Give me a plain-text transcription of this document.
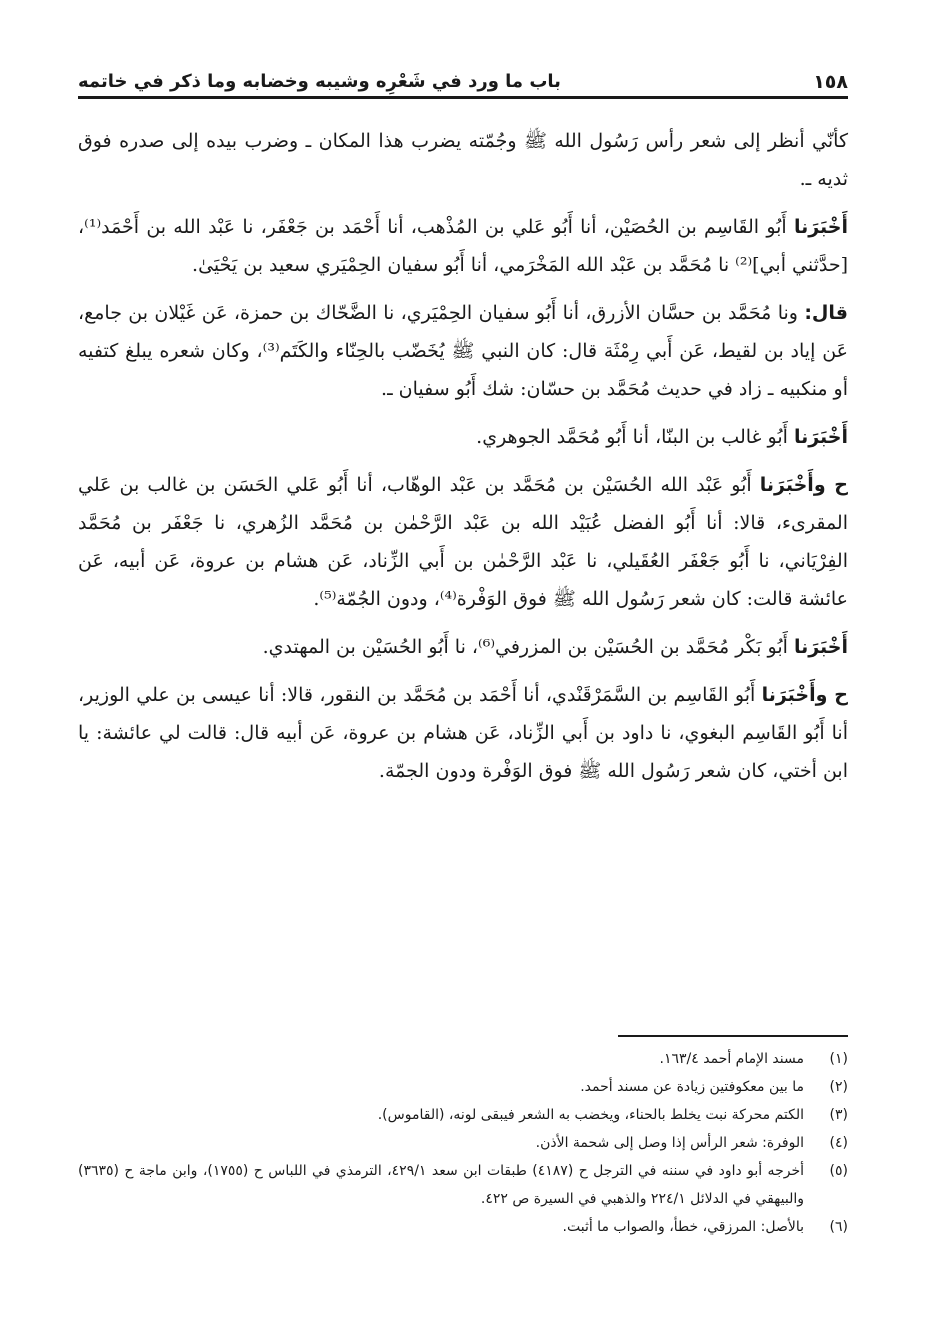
١٥٨
باب ما ورد في شَعْرِه وشيبه وخضابه وما ذكر في خاتمه

كأنّي أنظر إلى شعر رأس رَسُول الله ﷺ وجُمّته يضرب هذا المكان ـ وضرب بيده إلى صدره فوق ثديه ـ.

أَخْبَرَنا أَبُو القَاسِم بن الحُصَيْن، أنا أَبُو عَلي بن المُذْهب، أنا أَحْمَد بن جَعْفَر، نا عَبْد الله بن أَحْمَد⁽¹⁾، [حدَّثني أبي]⁽²⁾ نا مُحَمَّد بن عَبْد الله المَخْرَمي، أنا أَبُو سفيان الحِمْيَري سعيد بن يَحْيَىٰ.

قال: ونا مُحَمَّد بن حسَّان الأزرق، أنا أَبُو سفيان الحِمْيَري، نا الضَّحّاك بن حمزة، عَن غَيْلان بن جامع، عَن إياد بن لقيط، عَن أَبي رِمْثَة قال: كان النبي ﷺ يُخَضّب بالحِنّاء والكَتَم⁽³⁾، وكان شعره يبلغ كتفيه أو منكبيه ـ زاد في حديث مُحَمَّد بن حسّان: شك أَبُو سفيان ـ.

أَخْبَرَنا أَبُو غالب بن البنّا، أنا أَبُو مُحَمَّد الجوهري.

ح وأَخْبَرَنا أَبُو عَبْد الله الحُسَيْن بن مُحَمَّد بن عَبْد الوهّاب، أنا أَبُو عَلي الحَسَن بن غالب بن عَلي المقرىء، قالا: أنا أَبُو الفضل عُبَيْد الله بن عَبْد الرَّحْمٰن بن مُحَمَّد الزُهري، نا جَعْفَر بن مُحَمَّد الفِرْيَاني، نا أَبُو جَعْفَر العُقَيلي، نا عَبْد الرَّحْمٰن بن أَبي الزِّناد، عَن هشام بن عروة، عَن أبيه، عَن عائشة قالت: كان شعر رَسُول الله ﷺ فوق الوَفْرة⁽⁴⁾، ودون الجُمّة⁽⁵⁾.

أَخْبَرَنا أَبُو بَكْر مُحَمَّد بن الحُسَيْن بن المزرفي⁽⁶⁾، نا أَبُو الحُسَيْن بن المهتدي.

ح وأَخْبَرَنا أَبُو القَاسِم بن السَّمَرْقَنْدي، أنا أَحْمَد بن مُحَمَّد بن النقور، قالا: أنا عيسى بن علي الوزير، أنا أَبُو القَاسِم البغوي، نا داود بن أَبي الزِّناد، عَن هشام بن عروة، عَن أبيه قال: قالت لي عائشة: يا ابن أختي، كان شعر رَسُول الله ﷺ فوق الوَفْرة ودون الجمّة.

(١)
مسند الإمام أحمد ١٦٣/٤.
(٢)
ما بين معكوفتين زيادة عن مسند أحمد.
(٣)
الكتم محركة نبت يخلط بالحناء، ويخضب به الشعر فيبقى لونه، (القاموس).
(٤)
الوفرة: شعر الرأس إذا وصل إلى شحمة الأذن.
(٥)
أخرجه أبو داود في سننه في الترجل ح (٤١٨٧) طبقات ابن سعد ٤٢٩/١، الترمذي في اللباس ح (١٧٥٥)، وابن ماجة ح (٣٦٣٥) والبيهقي في الدلائل ٢٢٤/١ والذهبي في السيرة ص ٤٢٢.
(٦)
بالأصل: المرزقي، خطأ، والصواب ما أثبت.
